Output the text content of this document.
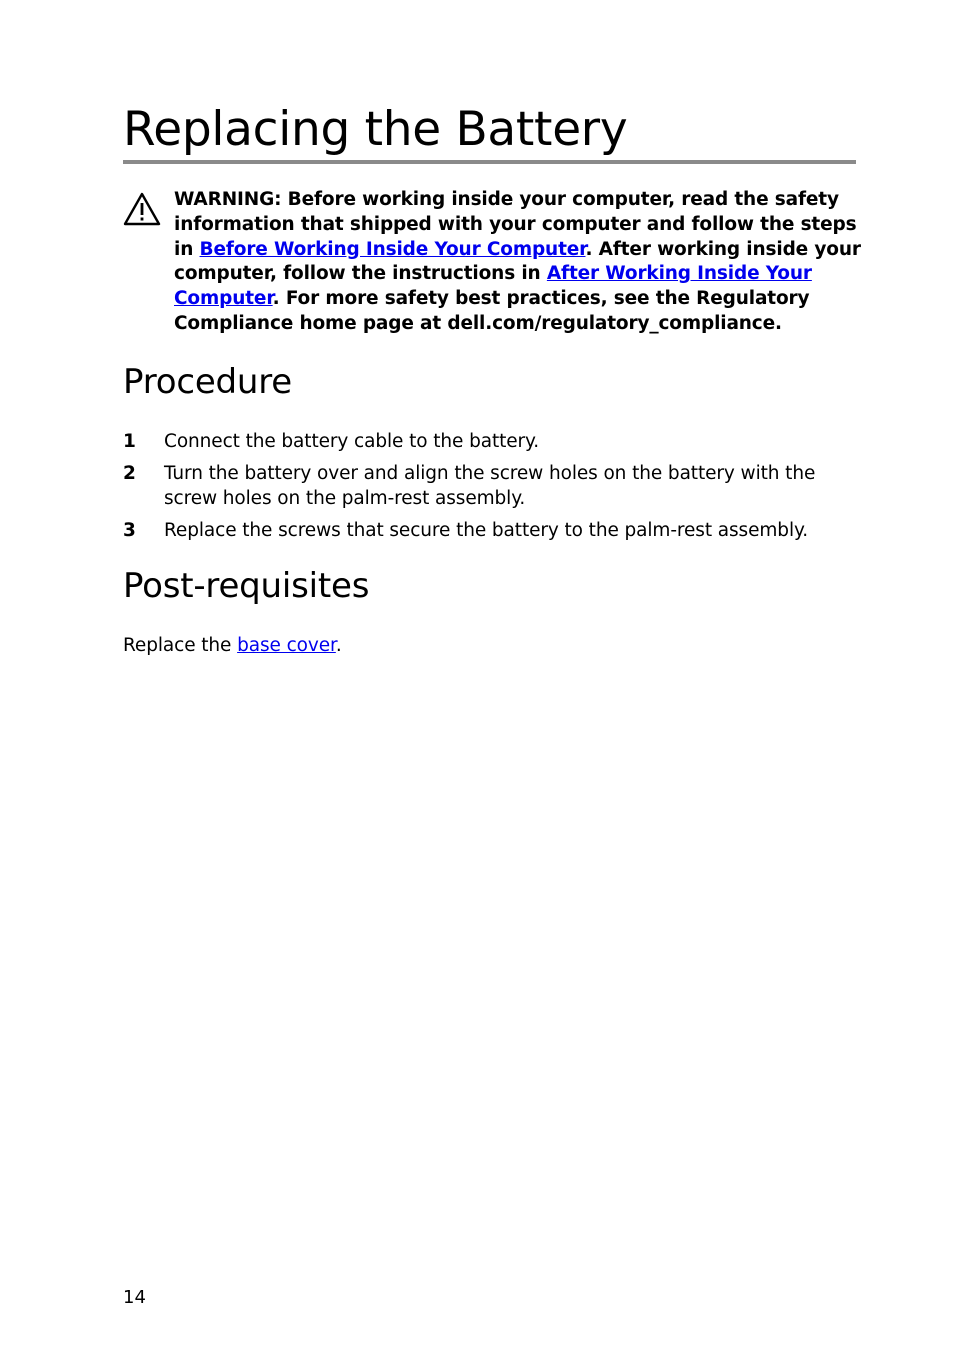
Replacing the Battery

WARNING: Before working inside your computer, read the safety information that shipped with your computer and follow the steps in Before Working Inside Your Computer. After working inside your computer, follow the instructions in After Working Inside Your Computer. For more safety best practices, see the Regulatory Compliance home page at dell.com/regulatory_compliance.

Procedure
1 Connect the battery cable to the battery.
2 Turn the battery over and align the screw holes on the battery with the screw holes on the palm-rest assembly.
3 Replace the screws that secure the battery to the palm-rest assembly.
Post-requisites

Replace the base cover.

14
